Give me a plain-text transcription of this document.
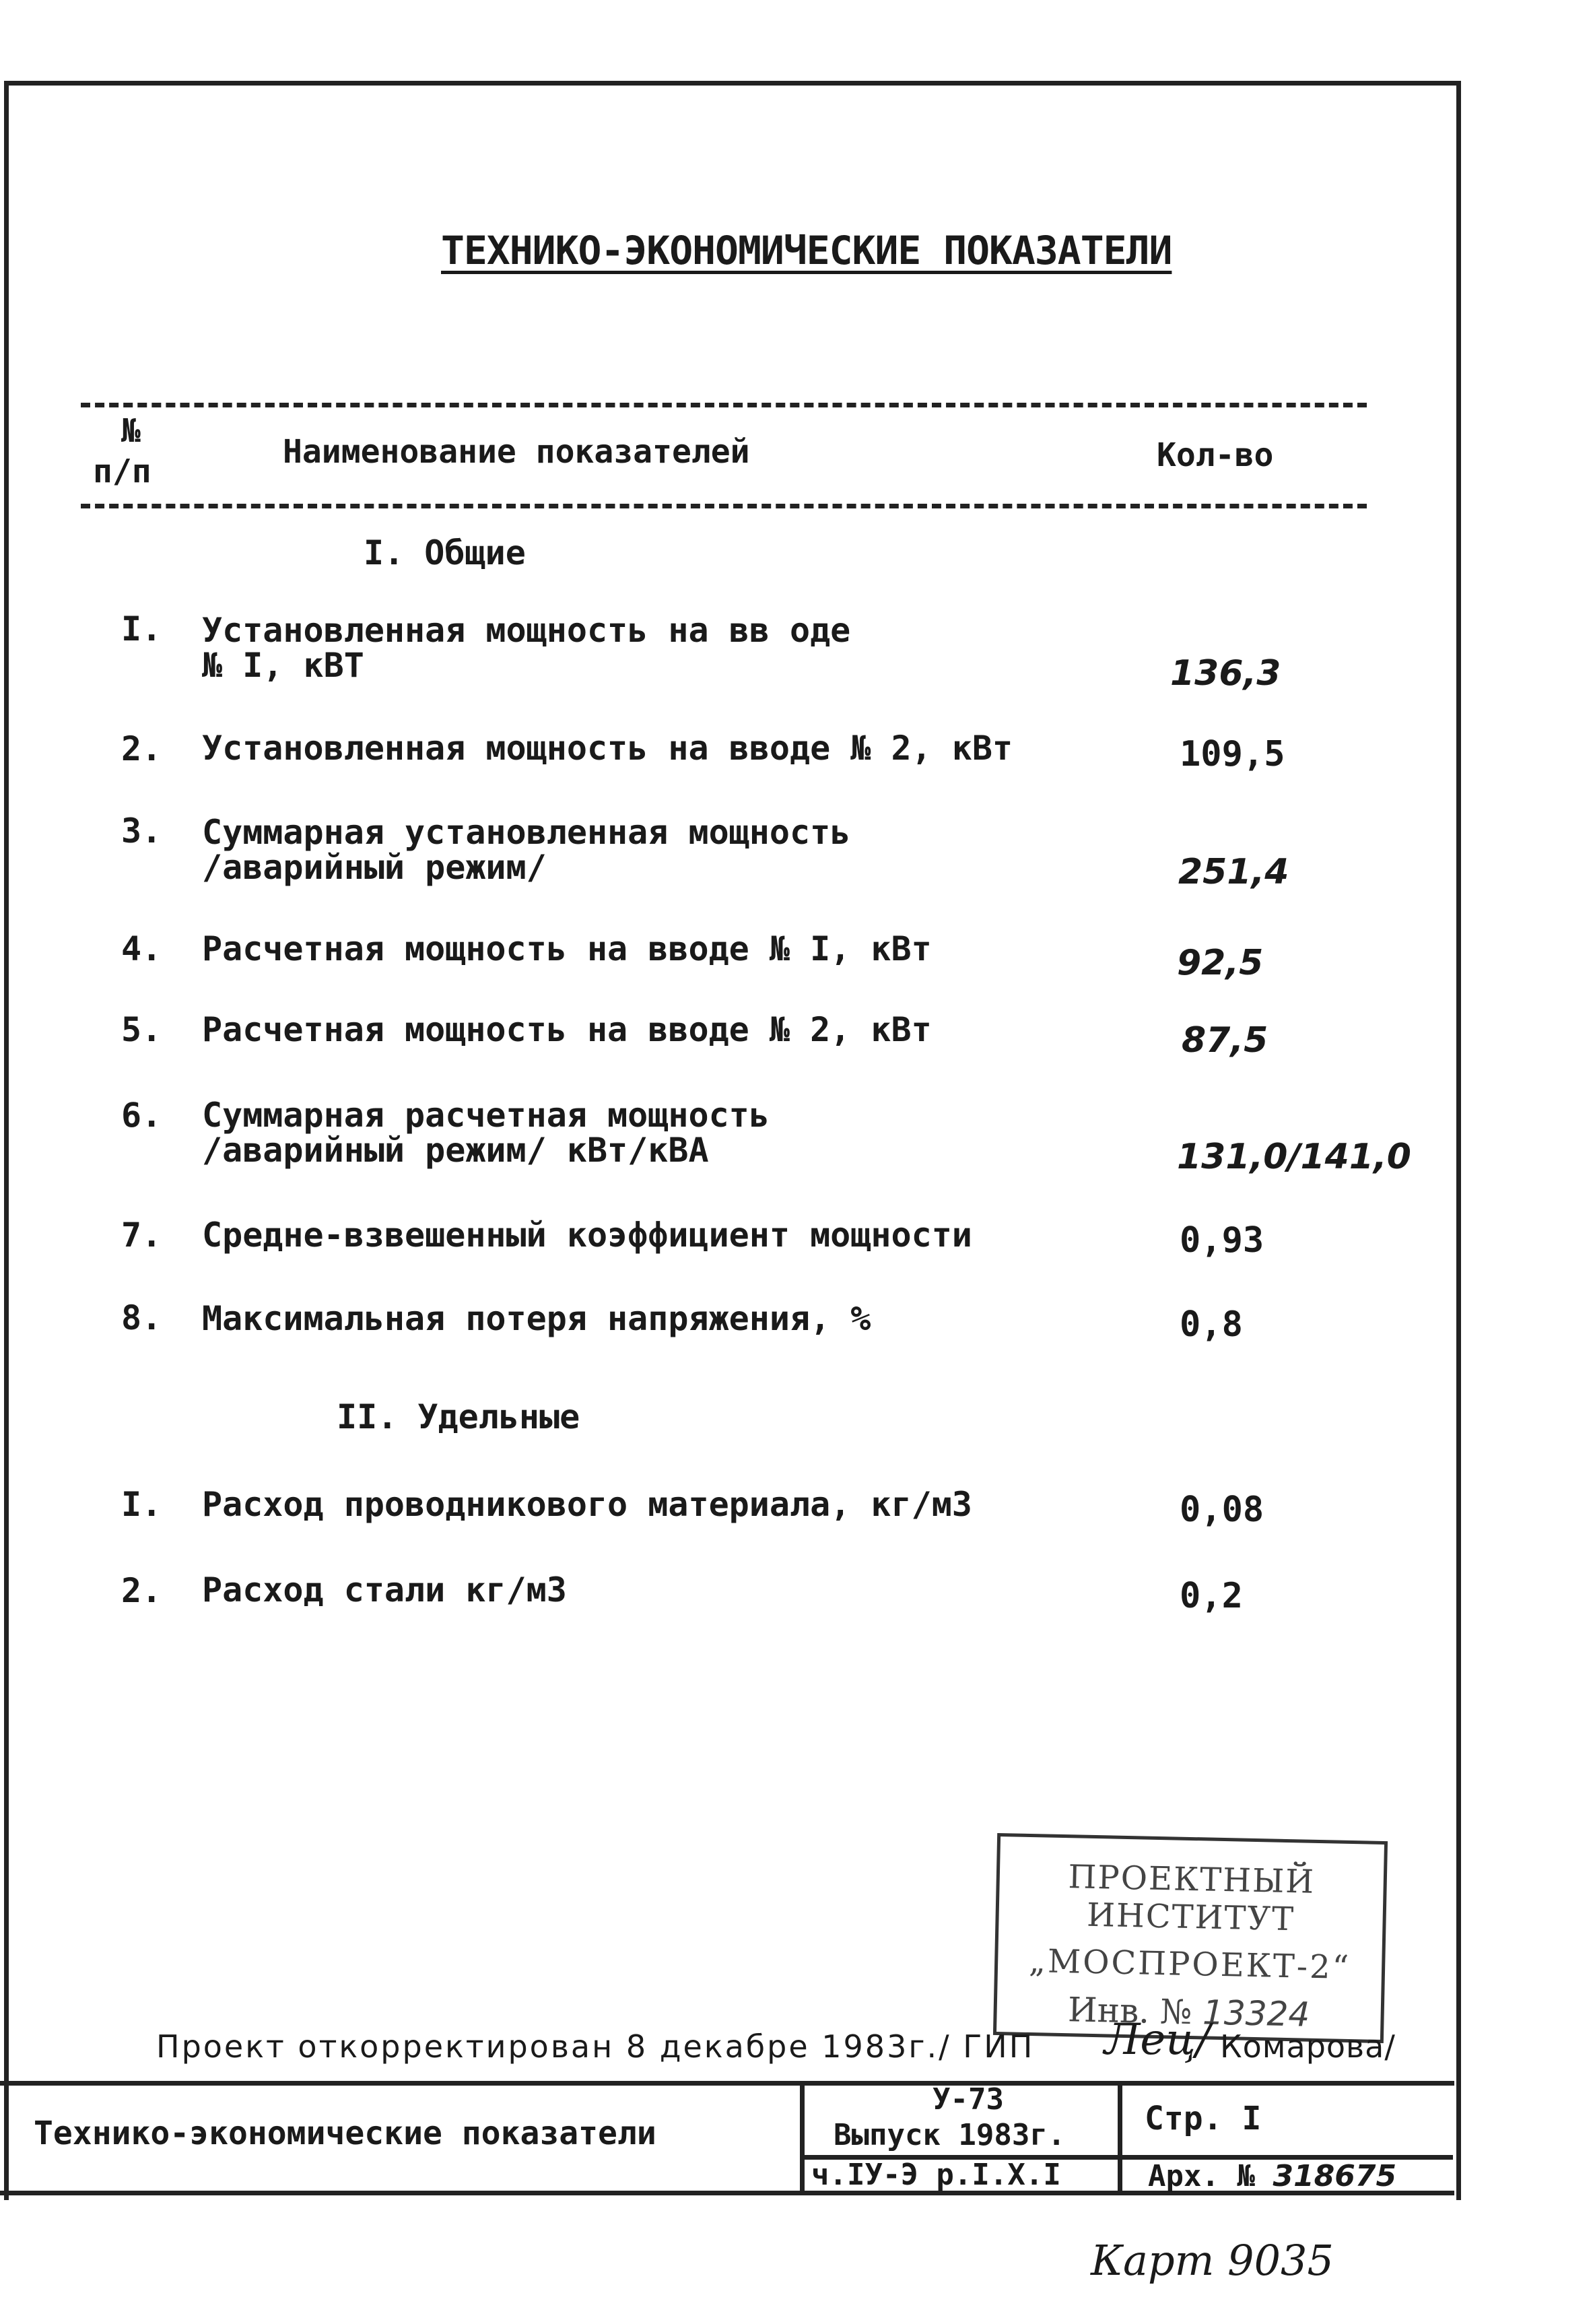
ТЕХНИКО-ЭКОНОМИЧЕСКИЕ ПОКАЗАТЕЛИ
№
п/п
Наименование показателей	Кол-во
I. Общие
I.	Установленная мощность на вв оде
№ I, кВТ	136,3
2.	Установленная мощность на вводе № 2, кВт	109,5
3.	Суммарная установленная мощность
/аварийный режим/	251,4
4.	Расчетная мощность на вводе № I, кВт	92,5
5.	Расчетная мощность на вводе № 2, кВт	87,5
6.	Суммарная расчетная мощность
/аварийный режим/ кВт/кВА	131,0/141,0
7.	Средне-взвешенный коэффициент мощности	0,93
8.	Максимальная потеря напряжения, %	0,8
II. Удельные
I.	Расход проводникового материала, кг/м3	0,08
2.	Расход стали кг/м3	0,2
ПРОЕКТНЫЙ ИНСТИТУТ
„МОСПРОЕКТ-2“
Инв. № 13324
Проект откорректирован 8 декабре 1983г./ ГИП Лец/ Комарова/
Технико-экономические показатели
У-73
Выпуск 1983г.
ч.IУ-Э р.I.Х.I
Стр. I
Арх. № 318675
Карт 9035
